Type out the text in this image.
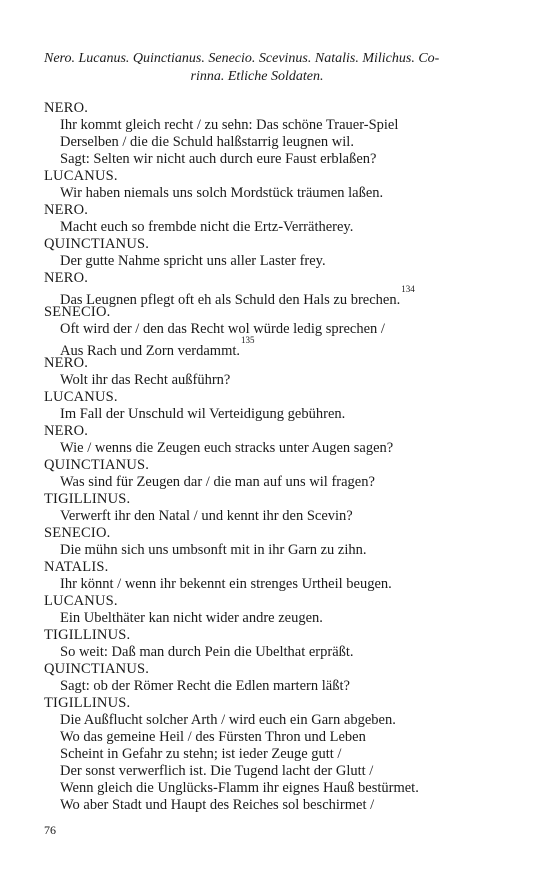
Nero. Lucanus. Quinctianus. Senecio. Scevinus. Natalis. Milichus. Co-
rinna. Etliche Soldaten.
NERO.
Ihr kommt gleich recht / zu sehn: Das schöne Trauer-Spiel
Derselben / die die Schuld halßstarrig leugnen wil.
Sagt: Selten wir nicht auch durch eure Faust erblaßen?
LUCANUS.
Wir haben niemals uns solch Mordstück träumen laßen.
NERO.
Macht euch so frembde nicht die Ertz-Verrätherey.
QUINCTIANUS.
Der gutte Nahme spricht uns aller Laster frey.
NERO.
Das Leugnen pflegt oft eh als Schuld den Hals zu brechen.$^{134}$
SENECIO.
Oft wird der / den das Recht wol würde ledig sprechen /
Aus Rach und Zorn verdammt.$^{135}$
NERO.
Wolt ihr das Recht außführn?
LUCANUS.
Im Fall der Unschuld wil Verteidigung gebühren.
NERO.
Wie / wenns die Zeugen euch stracks unter Augen sagen?
QUINCTIANUS.
Was sind für Zeugen dar / die man auf uns wil fragen?
TIGILLINUS.
Verwerft ihr den Natal / und kennt ihr den Scevin?
SENECIO.
Die mühn sich uns umbsonft mit in ihr Garn zu zihn.
NATALIS.
Ihr könnt / wenn ihr bekennt ein strenges Urtheil beugen.
LUCANUS.
Ein Ubelthäter kan nicht wider andre zeugen.
TIGILLINUS.
So weit: Daß man durch Pein die Ubelthat erpräßt.
QUINCTIANUS.
Sagt: ob der Römer Recht die Edlen martern läßt?
TIGILLINUS.
Die Außflucht solcher Arth / wird euch ein Garn abgeben.
Wo das gemeine Heil / des Fürsten Thron und Leben
Scheint in Gefahr zu stehn; ist ieder Zeuge gutt /
Der sonst verwerflich ist. Die Tugend lacht der Glutt /
Wenn gleich die Unglücks-Flamm ihr eignes Hauß bestürmet.
Wo aber Stadt und Haupt des Reiches sol beschirmet /
76
